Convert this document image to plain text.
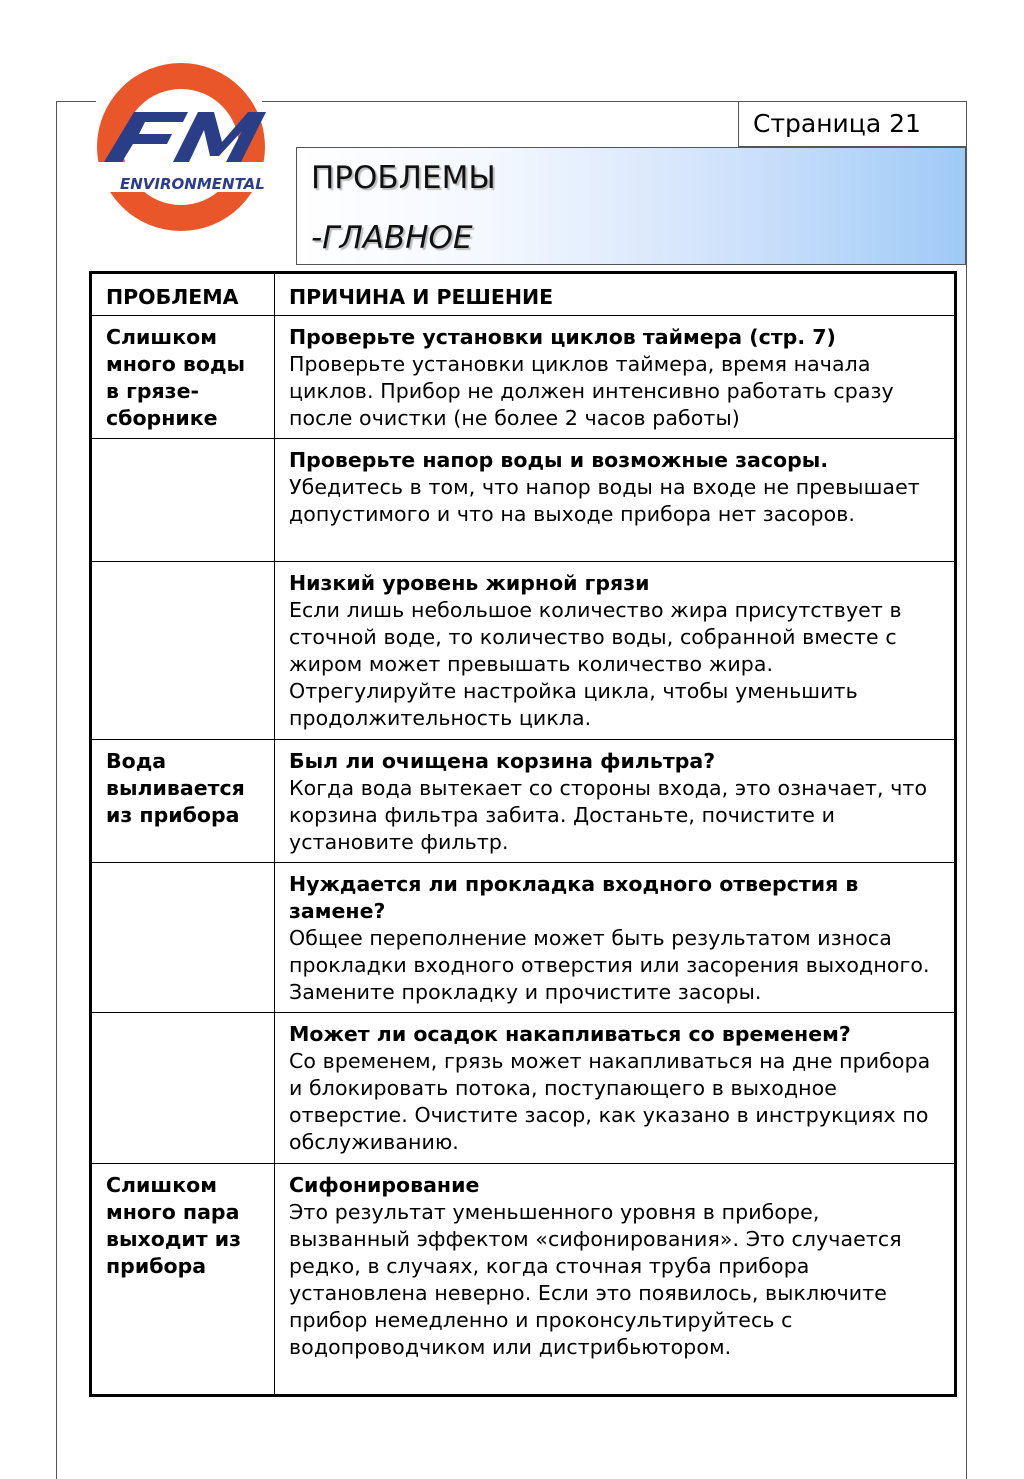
ENVIRONMENTAL
Страница 21
ПРОБЛЕМЫ
-ГЛАВНОЕ
ПРОБЛЕМА	ПРИЧИНА И РЕШЕНИЕ
Слишком много воды в грязе-сборнике	Проверьте установки циклов таймера (стр. 7)
Проверьте установки циклов таймера, время начала циклов. Прибор не должен интенсивно работать сразу после очистки (не более 2 часов работы)

	Проверьте напор воды и возможные засоры.
Убедитесь в том, что напор воды на входе не превышает допустимого и что на выходе прибора нет засоров.

	Низкий уровень жирной грязи
Если лишь небольшое количество жира присутствует в сточной воде, то количество воды, собранной вместе с жиром может превышать количество жира. Отрегулируйте настройка цикла, чтобы уменьшить продолжительность цикла.

Вода выливается из прибора	Был ли очищена корзина фильтра?
Когда вода вытекает со стороны входа, это означает, что корзина фильтра забита. Достаньте, почистите и установите фильтр.

	Нуждается ли прокладка входного отверстия в замене?
Общее переполнение может быть результатом износа прокладки входного отверстия или засорения выходного. Замените прокладку и прочистите засоры.

	Может ли осадок накапливаться со временем?
Со временем, грязь может накапливаться на дне прибора и блокировать потока, поступающего в выходное отверстие. Очистите засор, как указано в инструкциях по обслуживанию.

Слишком много пара выходит из прибора	Сифонирование
Это результат уменьшенного уровня в приборе, вызванный эффектом «сифонирования». Это случается редко, в случаях, когда сточная труба прибора установлена неверно. Если это появилось, выключите прибор немедленно и проконсультируйтесь с водопроводчиком или дистрибьютором.
